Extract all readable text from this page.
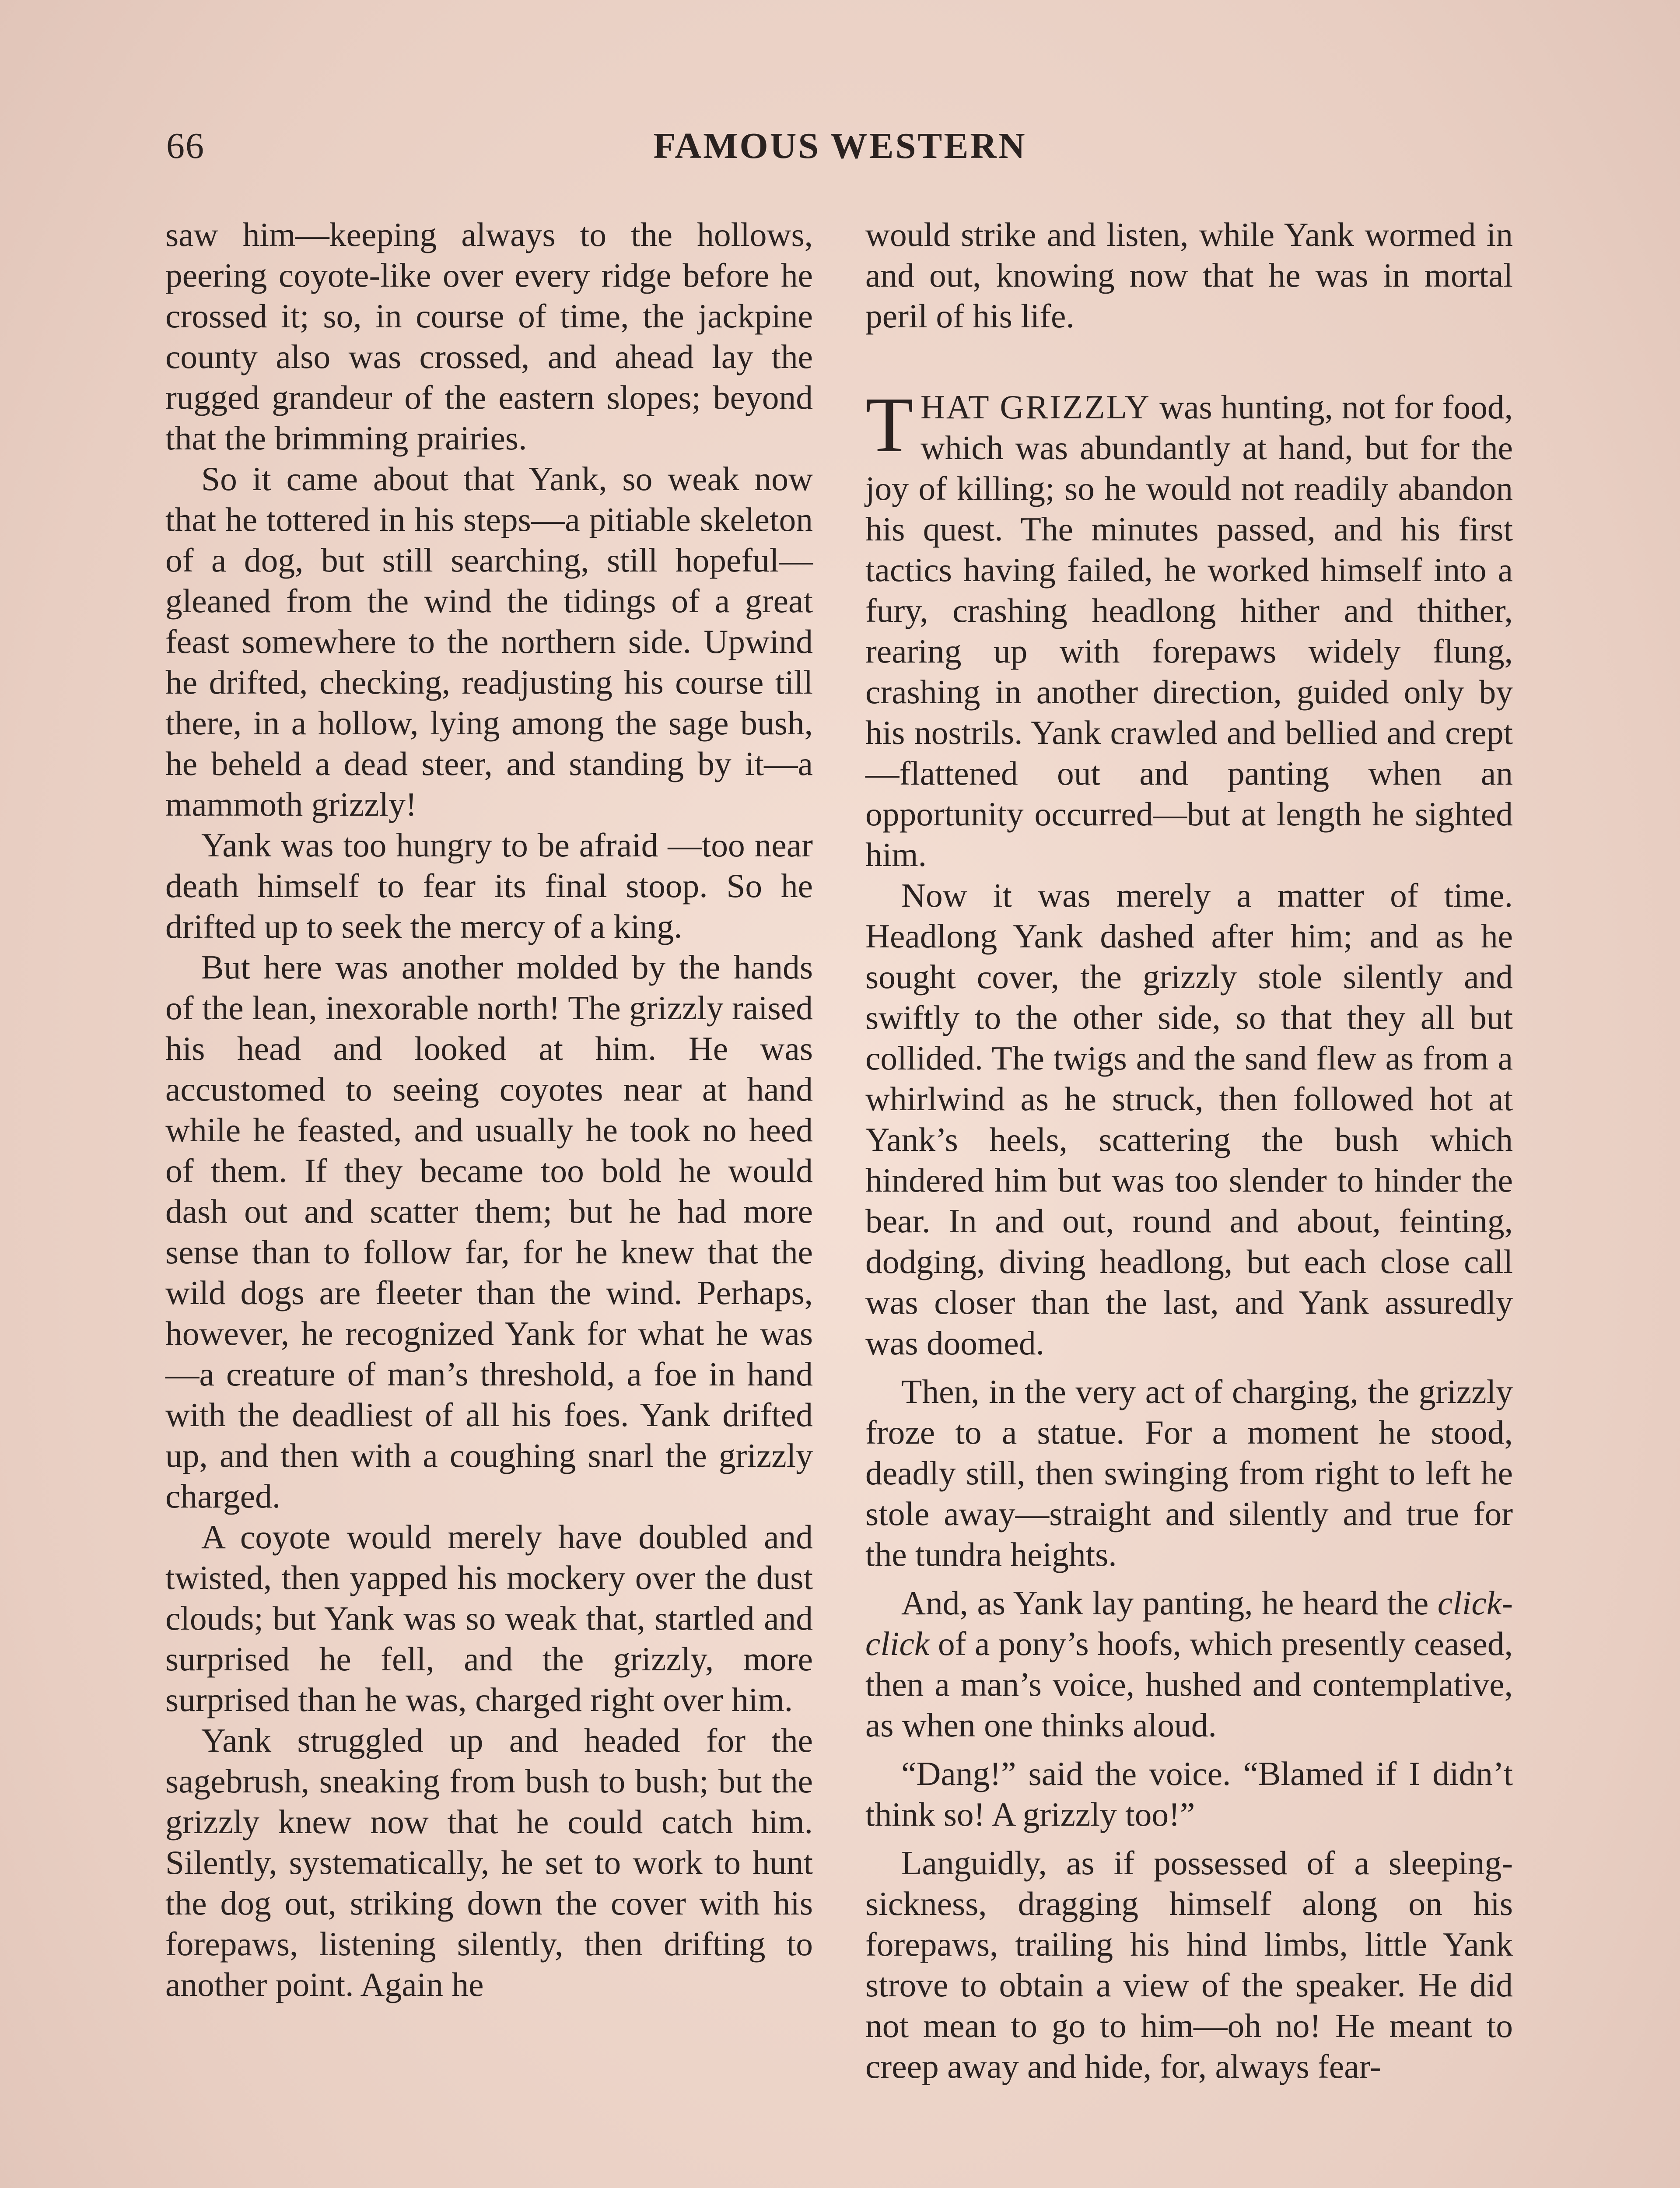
66	FAMOUS WESTERN

saw him—keeping always to the hollows, peering coyote-like over every ridge before he crossed it; so, in course of time, the jackpine county also was crossed, and ahead lay the rugged grandeur of the eastern slopes; beyond that the brimming prairies.

So it came about that Yank, so weak now that he tottered in his steps—a pitiable skeleton of a dog, but still searching, still hopeful—gleaned from the wind the tidings of a great feast somewhere to the northern side. Upwind he drifted, checking, readjusting his course till there, in a hollow, lying among the sage bush, he beheld a dead steer, and standing by it—a mammoth grizzly!

Yank was too hungry to be afraid —too near death himself to fear its final stoop. So he drifted up to seek the mercy of a king.

But here was another molded by the hands of the lean, inexorable north! The grizzly raised his head and looked at him. He was accustomed to seeing coyotes near at hand while he feasted, and usually he took no heed of them. If they became too bold he would dash out and scatter them; but he had more sense than to follow far, for he knew that the wild dogs are fleeter than the wind. Perhaps, however, he recognized Yank for what he was—a creature of man’s threshold, a foe in hand with the deadliest of all his foes. Yank drifted up, and then with a coughing snarl the grizzly charged.

A coyote would merely have doubled and twisted, then yapped his mockery over the dust clouds; but Yank was so weak that, startled and surprised he fell, and the grizzly, more surprised than he was, charged right over him.

Yank struggled up and headed for the sagebrush, sneaking from bush to bush; but the grizzly knew now that he could catch him. Silently, systematically, he set to work to hunt the dog out, striking down the cover with his forepaws, listening silently, then drifting to another point. Again he

would strike and listen, while Yank wormed in and out, knowing now that he was in mortal peril of his life.

THAT GRIZZLY was hunting, not for food, which was abundantly at hand, but for the joy of killing; so he would not readily abandon his quest. The minutes passed, and his first tactics having failed, he worked himself into a fury, crashing headlong hither and thither, rearing up with forepaws widely flung, crashing in another direction, guided only by his nostrils. Yank crawled and bellied and crept—flattened out and panting when an opportunity occurred—but at length he sighted him.

Now it was merely a matter of time. Headlong Yank dashed after him; and as he sought cover, the grizzly stole silently and swiftly to the other side, so that they all but collided. The twigs and the sand flew as from a whirlwind as he struck, then followed hot at Yank’s heels, scattering the bush which hindered him but was too slender to hinder the bear. In and out, round and about, feinting, dodging, diving headlong, but each close call was closer than the last, and Yank assuredly was doomed.

Then, in the very act of charging, the grizzly froze to a statue. For a moment he stood, deadly still, then swinging from right to left he stole away—straight and silently and true for the tundra heights.

And, as Yank lay panting, he heard the click-click of a pony’s hoofs, which presently ceased, then a man’s voice, hushed and contemplative, as when one thinks aloud.

“Dang!” said the voice. “Blamed if I didn’t think so! A grizzly too!”

Languidly, as if possessed of a sleeping-sickness, dragging himself along on his forepaws, trailing his hind limbs, little Yank strove to obtain a view of the speaker. He did not mean to go to him—oh no! He meant to creep away and hide, for, always fear-
